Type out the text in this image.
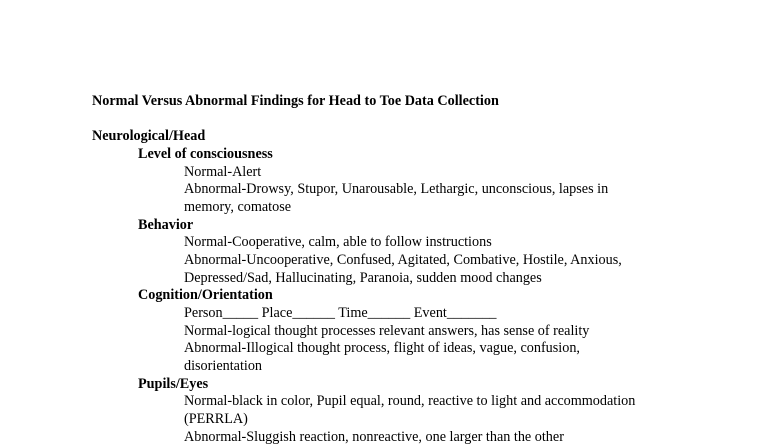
Normal Versus Abnormal Findings for Head to Toe Data Collection
Neurological/Head
Level of consciousness
Normal-Alert
Abnormal-Drowsy, Stupor, Unarousable, Lethargic, unconscious, lapses in
memory, comatose
Behavior
Normal-Cooperative, calm, able to follow instructions
Abnormal-Uncooperative, Confused, Agitated, Combative, Hostile, Anxious,
Depressed/Sad, Hallucinating, Paranoia, sudden mood changes
Cognition/Orientation
Person_____ Place______ Time______ Event_______
Normal-logical thought processes relevant answers, has sense of reality
Abnormal-Illogical thought process, flight of ideas, vague, confusion,
disorientation
Pupils/Eyes
Normal-black in color, Pupil equal, round, reactive to light and accommodation
(PERRLA)
Abnormal-Sluggish reaction, nonreactive, one larger than the other
